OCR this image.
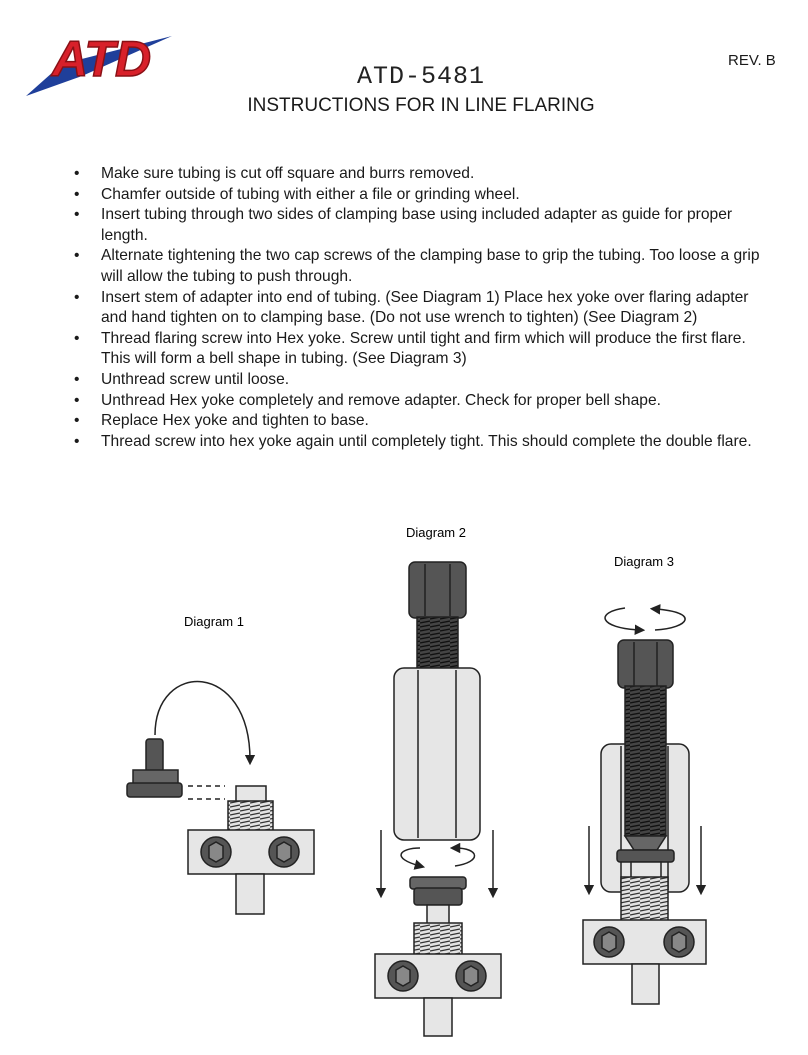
ATD	REV. B
ATD-5481
INSTRUCTIONS FOR IN LINE FLARING
• Make sure tubing is cut off square and burrs removed.
• Chamfer outside of tubing with either a file or grinding wheel.
• Insert tubing through two sides of clamping base using included adapter as guide for proper length.
• Alternate tightening the two cap screws of the clamping base to grip the tubing. Too loose a grip will allow the tubing to push through.
• Insert stem of adapter into end of tubing. (See Diagram 1) Place hex yoke over flaring adapter and hand tighten on to clamping base. (Do not use wrench to tighten) (See Diagram 2)
• Thread flaring screw into Hex yoke. Screw until tight and firm which will produce the first flare. This will form a bell shape in tubing. (See Diagram 3)
• Unthread screw until loose.
• Unthread Hex yoke completely and remove adapter. Check for proper bell shape.
• Replace Hex yoke and tighten to base.
• Thread screw into hex yoke again until completely tight. This should complete the double flare.
Diagram 1
Diagram 2
Diagram 3
